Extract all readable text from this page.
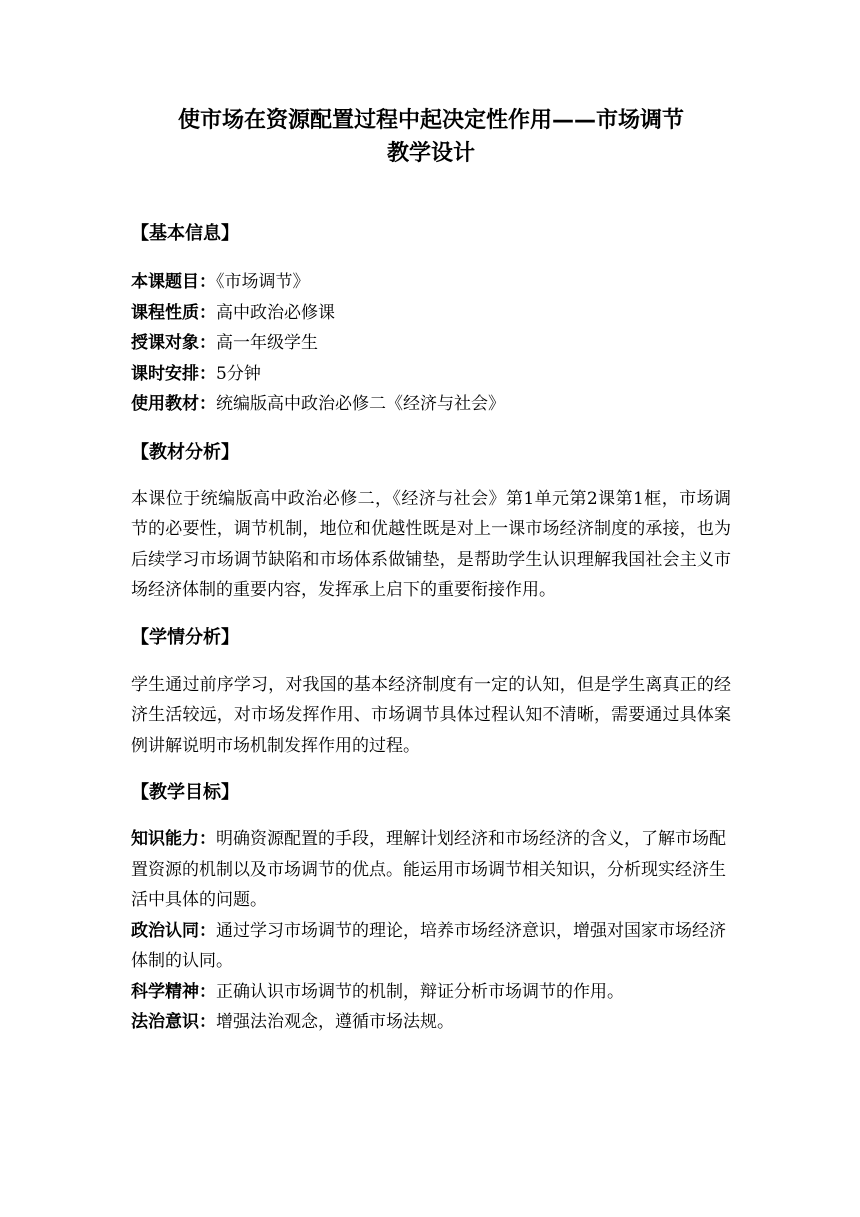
使市场在资源配置过程中起决定性作用——市场调节
教学设计
【基本信息】

本课题目：《市场调节》

课程性质：高中政治必修课

授课对象：高一年级学生

课时安排：5分钟

使用教材：统编版高中政治必修二《经济与社会》

【教材分析】

本课位于统编版高中政治必修二，《经济与社会》第1单元第2课第1框，市场调节的必要性，调节机制，地位和优越性既是对上一课市场经济制度的承接，也为后续学习市场调节缺陷和市场体系做铺垫，是帮助学生认识理解我国社会主义市场经济体制的重要内容，发挥承上启下的重要衔接作用。

【学情分析】

学生通过前序学习，对我国的基本经济制度有一定的认知，但是学生离真正的经济生活较远，对市场发挥作用、市场调节具体过程认知不清晰，需要通过具体案例讲解说明市场机制发挥作用的过程。

【教学目标】

知识能力：明确资源配置的手段，理解计划经济和市场经济的含义，了解市场配置资源的机制以及市场调节的优点。能运用市场调节相关知识，分析现实经济生活中具体的问题。

政治认同：通过学习市场调节的理论，培养市场经济意识，增强对国家市场经济体制的认同。

科学精神：正确认识市场调节的机制，辩证分析市场调节的作用。

法治意识：增强法治观念，遵循市场法规。
